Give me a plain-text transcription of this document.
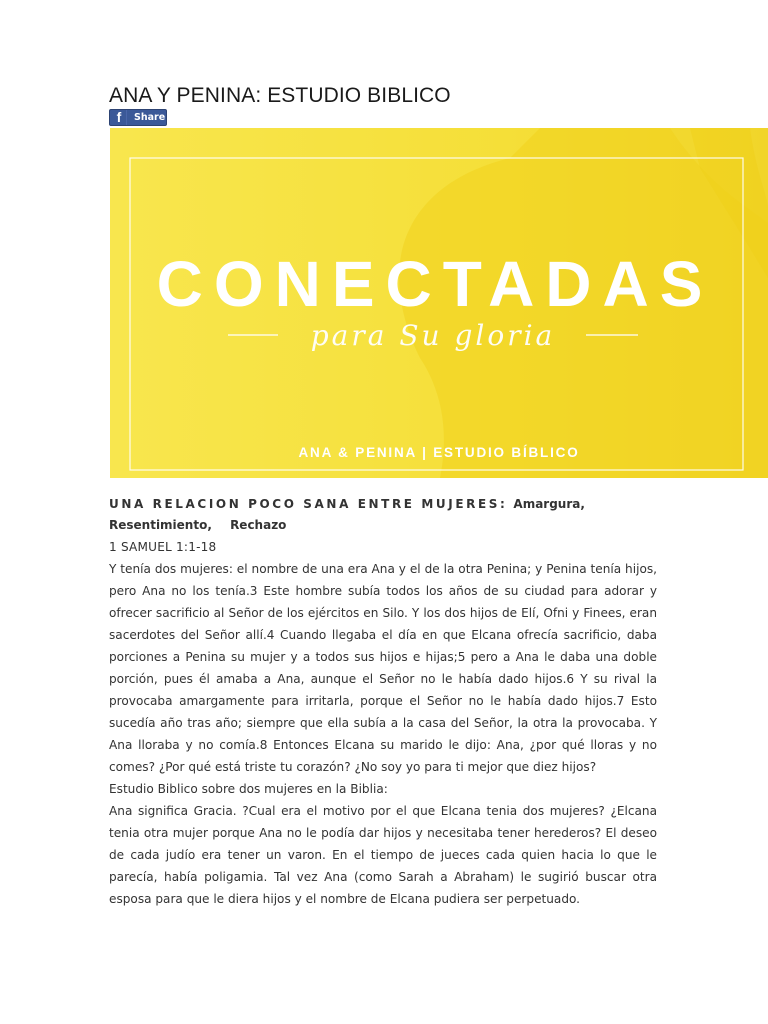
ANA Y PENINA: ESTUDIO BIBLICO
f	Share
CONECTADAS
para Su gloria
ANA & PENINA | ESTUDIO BÍBLICO
UNA RELACION POCO SANA ENTRE MUJERES: Amargura, Resentimiento, Rechazo

1 SAMUEL 1:1-18

Y tenía dos mujeres: el nombre de una era Ana y el de la otra Penina; y Penina tenía hijos, pero Ana no los tenía.3 Este hombre subía todos los años de su ciudad para adorar y ofrecer sacrificio al Señor de los ejércitos en Silo. Y los dos hijos de Elí, Ofni y Finees, eran sacerdotes del Señor allí.4 Cuando llegaba el día en que Elcana ofrecía sacrificio, daba porciones a Penina su mujer y a todos sus hijos e hijas;5 pero a Ana le daba una doble porción, pues él amaba a Ana, aunque el Señor no le había dado hijos.6 Y su rival la provocaba amargamente para irritarla, porque el Señor no le había dado hijos.7 Esto sucedía año tras año; siempre que ella subía a la casa del Señor, la otra la provocaba. Y Ana lloraba y no comía.8 Entonces Elcana su marido le dijo: Ana, ¿por qué lloras y no comes? ¿Por qué está triste tu corazón? ¿No soy yo para ti mejor que diez hijos?

Estudio Biblico sobre dos mujeres en la Biblia:

Ana significa Gracia. ?Cual era el motivo por el que Elcana tenia dos mujeres? ¿Elcana tenia otra mujer porque Ana no le podía dar hijos y necesitaba tener herederos? El deseo de cada judío era tener un varon. En el tiempo de jueces cada quien hacia lo que le parecía, había poligamia. Tal vez Ana (como Sarah a Abraham) le sugirió buscar otra esposa para que le diera hijos y el nombre de Elcana pudiera ser perpetuado.
